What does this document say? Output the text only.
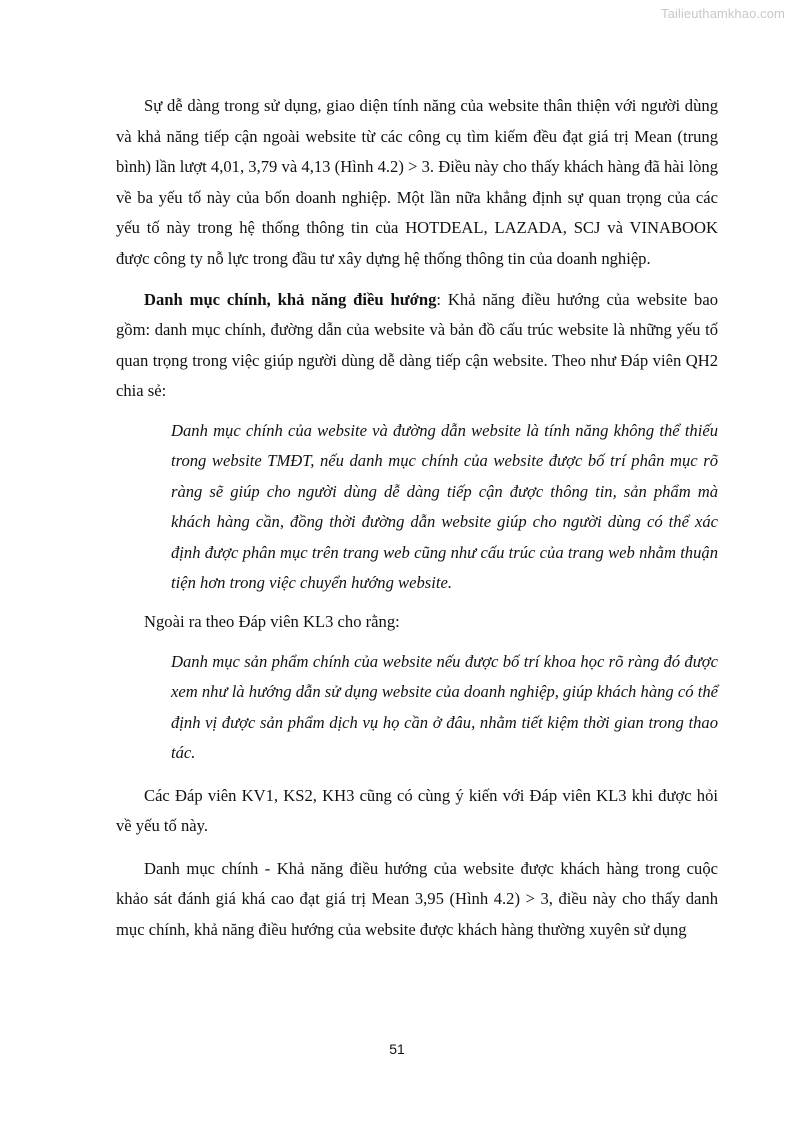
Tailieuthamkhao.com

Sự dễ dàng trong sử dụng, giao diện tính năng của website thân thiện với người dùng và khả năng tiếp cận ngoài website từ các công cụ tìm kiếm đều đạt giá trị Mean (trung bình) lần lượt 4,01, 3,79 và 4,13 (Hình 4.2) > 3. Điều này cho thấy khách hàng đã hài lòng về ba yếu tố này của bốn doanh nghiệp. Một lần nữa khẳng định sự quan trọng của các yếu tố này trong hệ thống thông tin của HOTDEAL, LAZADA, SCJ và VINABOOK được công ty nỗ lực trong đầu tư xây dựng hệ thống thông tin của doanh nghiệp.

Danh mục chính, khả năng điều hướng: Khả năng điều hướng của website bao gồm: danh mục chính, đường dẫn của website và bản đồ cấu trúc website là những yếu tố quan trọng trong việc giúp người dùng dễ dàng tiếp cận website. Theo như Đáp viên QH2 chia sẻ:

Danh mục chính của website và đường dẫn website là tính năng không thể thiếu trong website TMĐT, nếu danh mục chính của website được bố trí phân mục rõ ràng sẽ giúp cho người dùng dễ dàng tiếp cận được thông tin, sản phẩm mà khách hàng cần, đồng thời đường dẫn website giúp cho người dùng có thể xác định được phân mục trên trang web cũng như cấu trúc của trang web nhằm thuận tiện hơn trong việc chuyển hướng website.

Ngoài ra theo Đáp viên KL3 cho rằng:

Danh mục sản phẩm chính của website nếu được bố trí khoa học rõ ràng đó được xem như là hướng dẫn sử dụng website của doanh nghiệp, giúp khách hàng có thể định vị được sản phẩm dịch vụ họ cần ở đâu, nhằm tiết kiệm thời gian trong thao tác.

Các Đáp viên KV1, KS2, KH3 cũng có cùng ý kiến với Đáp viên KL3 khi được hỏi về yếu tố này.

Danh mục chính - Khả năng điều hướng của website được khách hàng trong cuộc khảo sát đánh giá khá cao đạt giá trị Mean 3,95 (Hình 4.2) > 3, điều này cho thấy danh mục chính, khả năng điều hướng của website được khách hàng thường xuyên sử dụng

51
